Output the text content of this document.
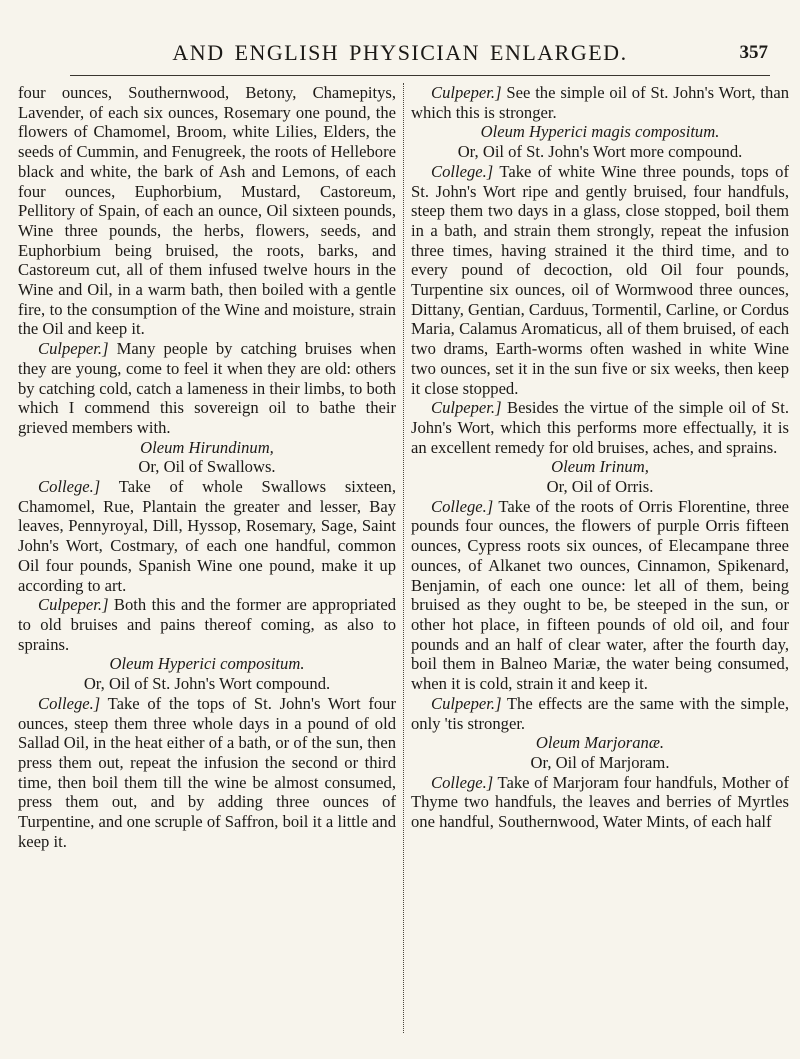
AND ENGLISH PHYSICIAN ENLARGED.	357

four ounces, Southernwood, Betony, Chamepitys, Lavender, of each six ounces, Rosemary one pound, the flowers of Chamomel, Broom, white Lilies, Elders, the seeds of Cummin, and Fenugreek, the roots of Hellebore black and white, the bark of Ash and Lemons, of each four ounces, Euphorbium, Mustard, Castoreum, Pellitory of Spain, of each an ounce, Oil sixteen pounds, Wine three pounds, the herbs, flowers, seeds, and Euphorbium being bruised, the roots, barks, and Castoreum cut, all of them infused twelve hours in the Wine and Oil, in a warm bath, then boiled with a gentle fire, to the consumption of the Wine and moisture, strain the Oil and keep it.

Culpeper.] Many people by catching bruises when they are young, come to feel it when they are old: others by catching cold, catch a lameness in their limbs, to both which I commend this sovereign oil to bathe their grieved members with.

Oleum Hirundinum,

Or, Oil of Swallows.

College.] Take of whole Swallows sixteen, Chamomel, Rue, Plantain the greater and lesser, Bay leaves, Pennyroyal, Dill, Hyssop, Rosemary, Sage, Saint John's Wort, Costmary, of each one handful, common Oil four pounds, Spanish Wine one pound, make it up according to art.

Culpeper.] Both this and the former are appropriated to old bruises and pains thereof coming, as also to sprains.

Oleum Hyperici compositum.

Or, Oil of St. John's Wort compound.

College.] Take of the tops of St. John's Wort four ounces, steep them three whole days in a pound of old Sallad Oil, in the heat either of a bath, or of the sun, then press them out, repeat the infusion the second or third time, then boil them till the wine be almost consumed, press them out, and by adding three ounces of Turpentine, and one scruple of Saffron, boil it a little and keep it.

Culpeper.] See the simple oil of St. John's Wort, than which this is stronger.

Oleum Hyperici magis compositum.

Or, Oil of St. John's Wort more compound.

College.] Take of white Wine three pounds, tops of St. John's Wort ripe and gently bruised, four handfuls, steep them two days in a glass, close stopped, boil them in a bath, and strain them strongly, repeat the infusion three times, having strained it the third time, and to every pound of decoction, old Oil four pounds, Turpentine six ounces, oil of Wormwood three ounces, Dittany, Gentian, Carduus, Tormentil, Carline, or Cordus Maria, Calamus Aromaticus, all of them bruised, of each two drams, Earth-worms often washed in white Wine two ounces, set it in the sun five or six weeks, then keep it close stopped.

Culpeper.] Besides the virtue of the simple oil of St. John's Wort, which this performs more effectually, it is an excellent remedy for old bruises, aches, and sprains.

Oleum Irinum,

Or, Oil of Orris.

College.] Take of the roots of Orris Florentine, three pounds four ounces, the flowers of purple Orris fifteen ounces, Cypress roots six ounces, of Elecampane three ounces, of Alkanet two ounces, Cinnamon, Spikenard, Benjamin, of each one ounce: let all of them, being bruised as they ought to be, be steeped in the sun, or other hot place, in fifteen pounds of old oil, and four pounds and an half of clear water, after the fourth day, boil them in Balneo Mariæ, the water being consumed, when it is cold, strain it and keep it.

Culpeper.] The effects are the same with the simple, only 'tis stronger.

Oleum Marjoranæ.

Or, Oil of Marjoram.

College.] Take of Marjoram four handfuls, Mother of Thyme two handfuls, the leaves and berries of Myrtles one handful, Southernwood, Water Mints, of each half
